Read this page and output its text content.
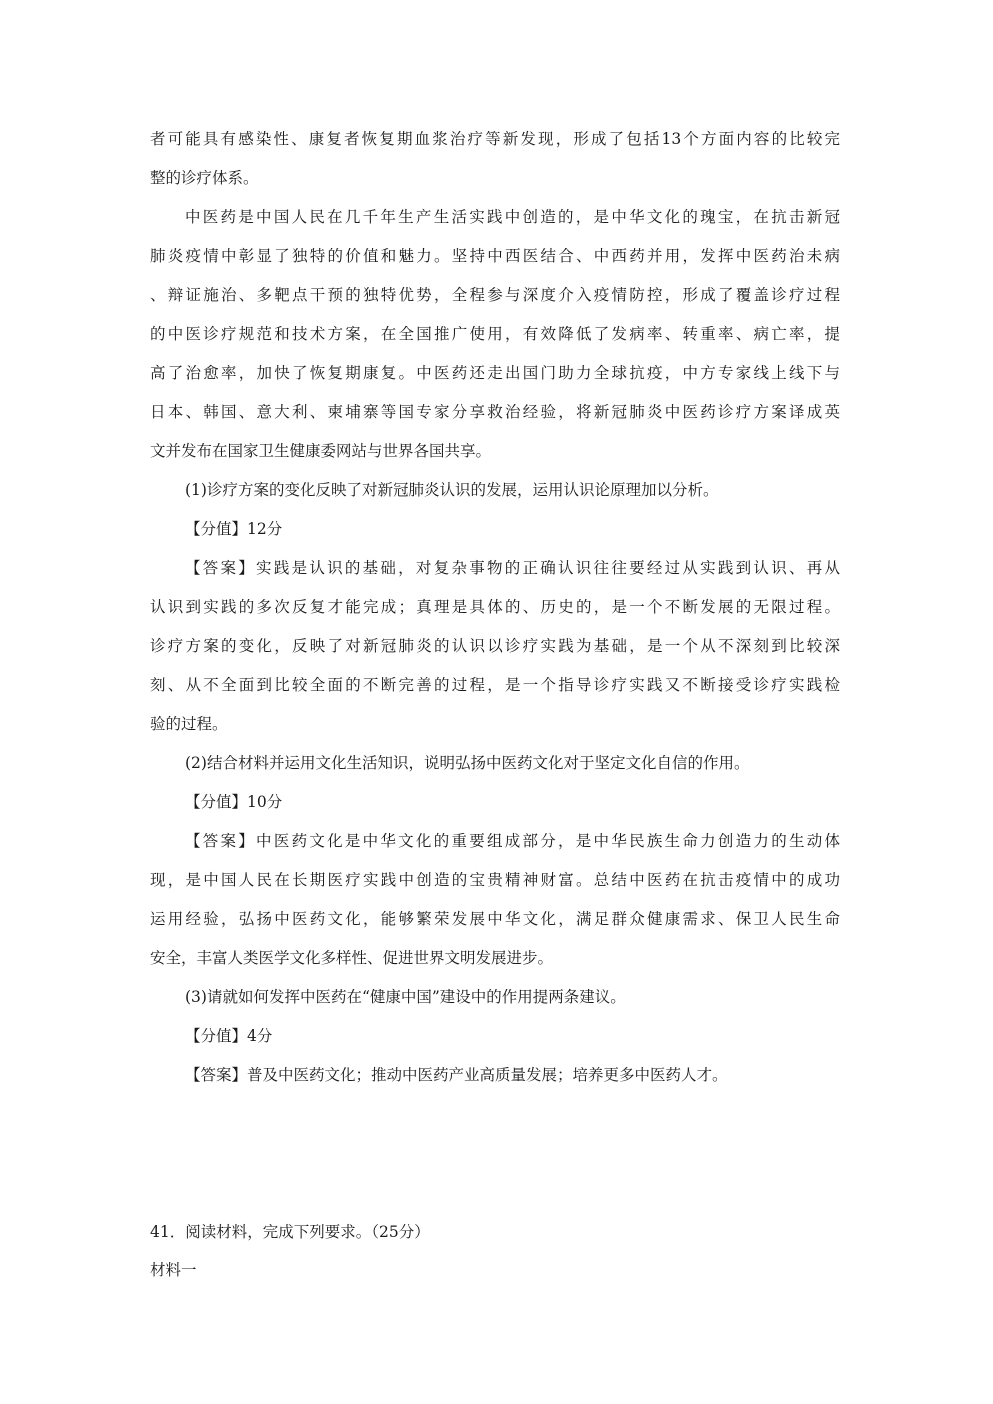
者可能具有感染性、康复者恢复期血浆治疗等新发现，形成了包括13个方面内容的比较完
整的诊疗体系。
中医药是中国人民在几千年生产生活实践中创造的，是中华文化的瑰宝，在抗击新冠
肺炎疫情中彰显了独特的价值和魅力。坚持中西医结合、中西药并用，发挥中医药治未病
、辩证施治、多靶点干预的独特优势，全程参与深度介入疫情防控，形成了覆盖诊疗过程
的中医诊疗规范和技术方案，在全国推广使用，有效降低了发病率、转重率、病亡率，提
高了治愈率，加快了恢复期康复。中医药还走出国门助力全球抗疫，中方专家线上线下与
日本、韩国、意大利、柬埔寨等国专家分享救治经验，将新冠肺炎中医药诊疗方案译成英
文并发布在国家卫生健康委网站与世界各国共享。
(1)诊疗方案的变化反映了对新冠肺炎认识的发展，运用认识论原理加以分析。
【分值】12分
【答案】实践是认识的基础，对复杂事物的正确认识往往要经过从实践到认识、再从
认识到实践的多次反复才能完成；真理是具体的、历史的，是一个不断发展的无限过程。
诊疗方案的变化，反映了对新冠肺炎的认识以诊疗实践为基础，是一个从不深刻到比较深
刻、从不全面到比较全面的不断完善的过程，是一个指导诊疗实践又不断接受诊疗实践检
验的过程。
(2)结合材料并运用文化生活知识，说明弘扬中医药文化对于坚定文化自信的作用。
【分值】10分
【答案】中医药文化是中华文化的重要组成部分，是中华民族生命力创造力的生动体
现，是中国人民在长期医疗实践中创造的宝贵精神财富。总结中医药在抗击疫情中的成功
运用经验，弘扬中医药文化，能够繁荣发展中华文化，满足群众健康需求、保卫人民生命
安全，丰富人类医学文化多样性、促进世界文明发展进步。
(3)请就如何发挥中医药在“健康中国”建设中的作用提两条建议。
【分值】4分
【答案】普及中医药文化；推动中医药产业高质量发展；培养更多中医药人才。
41．阅读材料，完成下列要求。（25分）
材料一
